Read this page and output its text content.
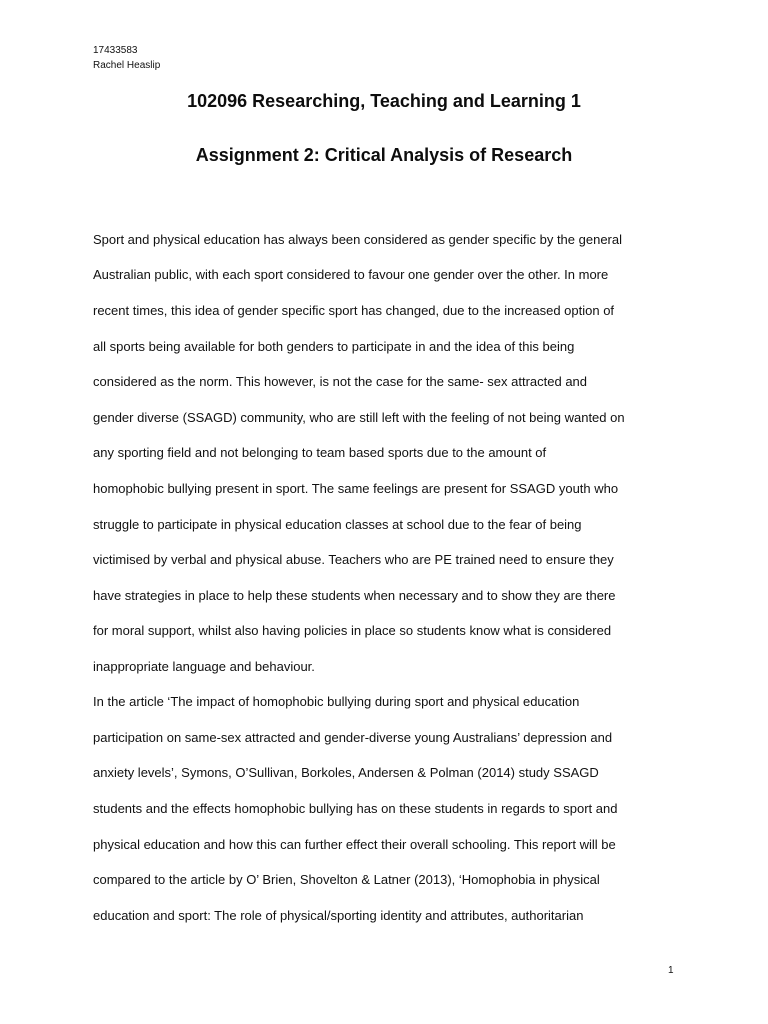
17433583
Rachel Heaslip
102096 Researching, Teaching and Learning 1
Assignment 2: Critical Analysis of Research
Sport and physical education has always been considered as gender specific by the general
Australian public, with each sport considered to favour one gender over the other. In more
recent times, this idea of gender specific sport has changed, due to the increased option of
all sports being available for both genders to participate in and the idea of this being
considered as the norm. This however, is not the case for the same- sex attracted and
gender diverse (SSAGD) community, who are still left with the feeling of not being wanted on
any sporting field and not belonging to team based sports due to the amount of
homophobic bullying present in sport. The same feelings are present for SSAGD youth who
struggle to participate in physical education classes at school due to the fear of being
victimised by verbal and physical abuse. Teachers who are PE trained need to ensure they
have strategies in place to help these students when necessary and to show they are there
for moral support, whilst also having policies in place so students know what is considered
inappropriate language and behaviour.
In the article ‘The impact of homophobic bullying during sport and physical education
participation on same-sex attracted and gender-diverse young Australians’ depression and
anxiety levels’, Symons, O’Sullivan, Borkoles, Andersen & Polman (2014) study SSAGD
students and the effects homophobic bullying has on these students in regards to sport and
physical education and how this can further effect their overall schooling. This report will be
compared to the article by O’ Brien, Shovelton & Latner (2013), ‘Homophobia in physical
education and sport: The role of physical/sporting identity and attributes, authoritarian
1
